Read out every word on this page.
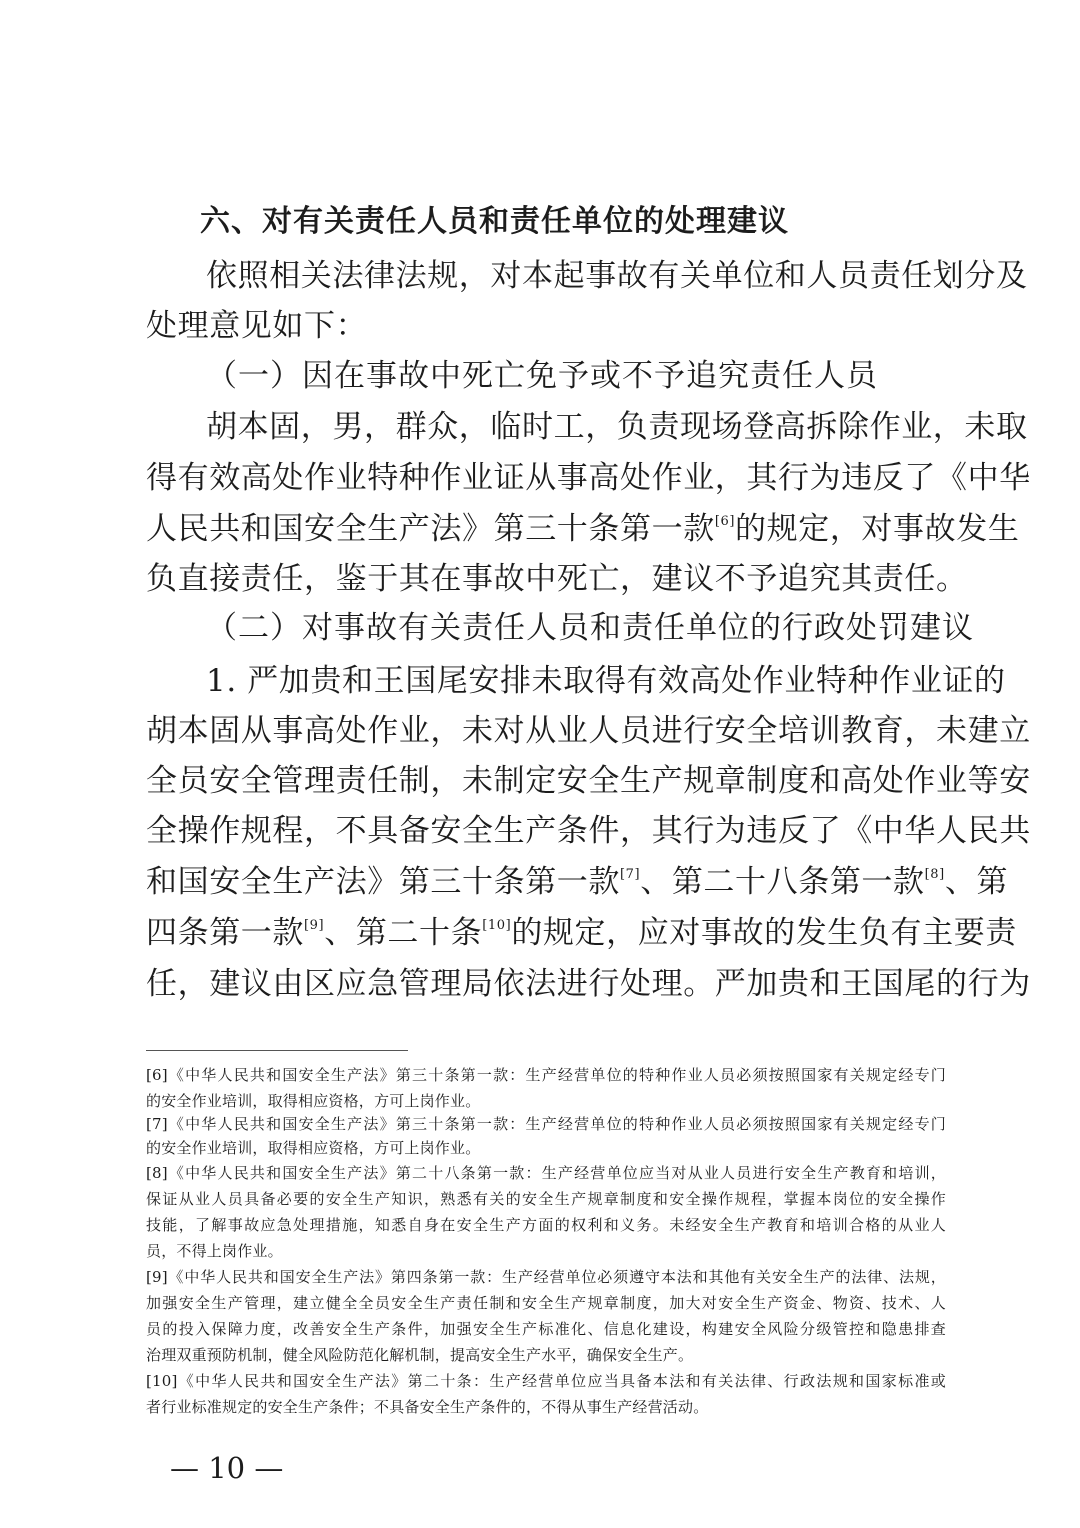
六、对有关责任人员和责任单位的处理建议
依照相关法律法规，对本起事故有关单位和人员责任划分及
处理意见如下：
（一）因在事故中死亡免予或不予追究责任人员
胡本固，男，群众，临时工，负责现场登高拆除作业，未取
得有效高处作业特种作业证从事高处作业，其行为违反了《中华
人民共和国安全生产法》第三十条第一款[6]的规定，对事故发生
负直接责任，鉴于其在事故中死亡，建议不予追究其责任。
（二）对事故有关责任人员和责任单位的行政处罚建议
1. 严加贵和王国尾安排未取得有效高处作业特种作业证的
胡本固从事高处作业，未对从业人员进行安全培训教育，未建立
全员安全管理责任制，未制定安全生产规章制度和高处作业等安
全操作规程，不具备安全生产条件，其行为违反了《中华人民共
和国安全生产法》第三十条第一款[7]、第二十八条第一款[8]、第
四条第一款[9]、第二十条[10]的规定，应对事故的发生负有主要责
任，建议由区应急管理局依法进行处理。严加贵和王国尾的行为
[6]《中华人民共和国安全生产法》第三十条第一款：生产经营单位的特种作业人员必须按照国家有关规定经专门
的安全作业培训，取得相应资格，方可上岗作业。
[7]《中华人民共和国安全生产法》第三十条第一款：生产经营单位的特种作业人员必须按照国家有关规定经专门
的安全作业培训，取得相应资格，方可上岗作业。
[8]《中华人民共和国安全生产法》第二十八条第一款：生产经营单位应当对从业人员进行安全生产教育和培训，
保证从业人员具备必要的安全生产知识，熟悉有关的安全生产规章制度和安全操作规程，掌握本岗位的安全操作
技能，了解事故应急处理措施，知悉自身在安全生产方面的权利和义务。未经安全生产教育和培训合格的从业人
员，不得上岗作业。
[9]《中华人民共和国安全生产法》第四条第一款：生产经营单位必须遵守本法和其他有关安全生产的法律、法规，
加强安全生产管理，建立健全全员安全生产责任制和安全生产规章制度，加大对安全生产资金、物资、技术、人
员的投入保障力度，改善安全生产条件，加强安全生产标准化、信息化建设，构建安全风险分级管控和隐患排查
治理双重预防机制，健全风险防范化解机制，提高安全生产水平，确保安全生产。
[10]《中华人民共和国安全生产法》第二十条：生产经营单位应当具备本法和有关法律、行政法规和国家标准或
者行业标准规定的安全生产条件；不具备安全生产条件的，不得从事生产经营活动。
— 10 —
